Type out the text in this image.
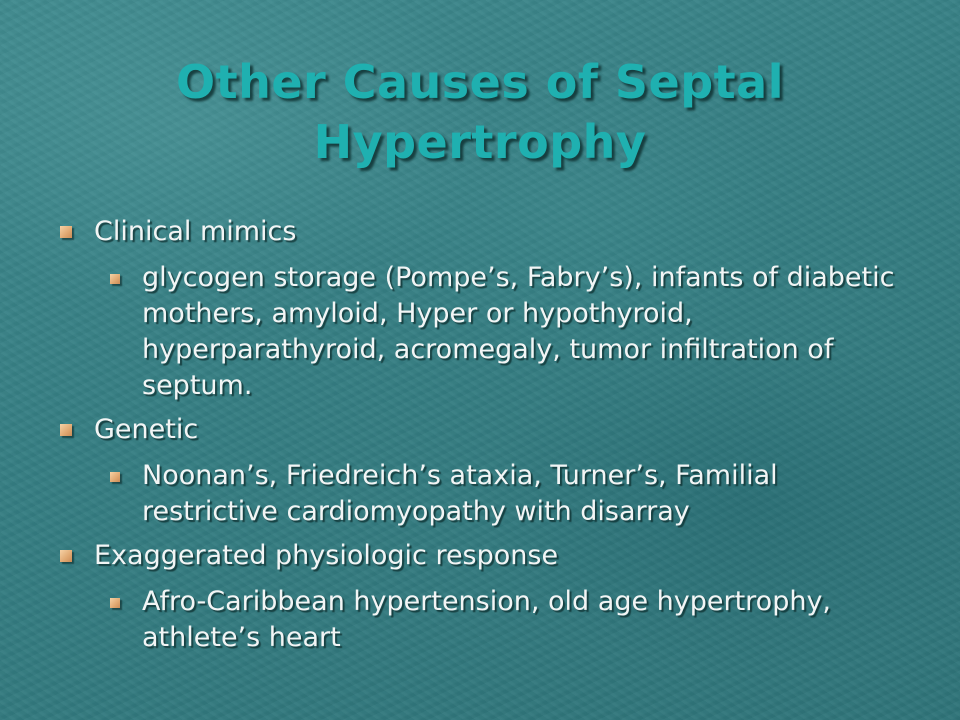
Other Causes of Septal Hypertrophy
Clinical mimics
glycogen storage (Pompe’s, Fabry’s), infants of diabetic mothers, amyloid, Hyper or hypothyroid, hyperparathyroid, acromegaly, tumor infiltration of septum.
Genetic
Noonan’s, Friedreich’s ataxia, Turner’s, Familial restrictive cardiomyopathy with disarray
Exaggerated physiologic response
Afro-Caribbean hypertension, old age hypertrophy, athlete’s heart
